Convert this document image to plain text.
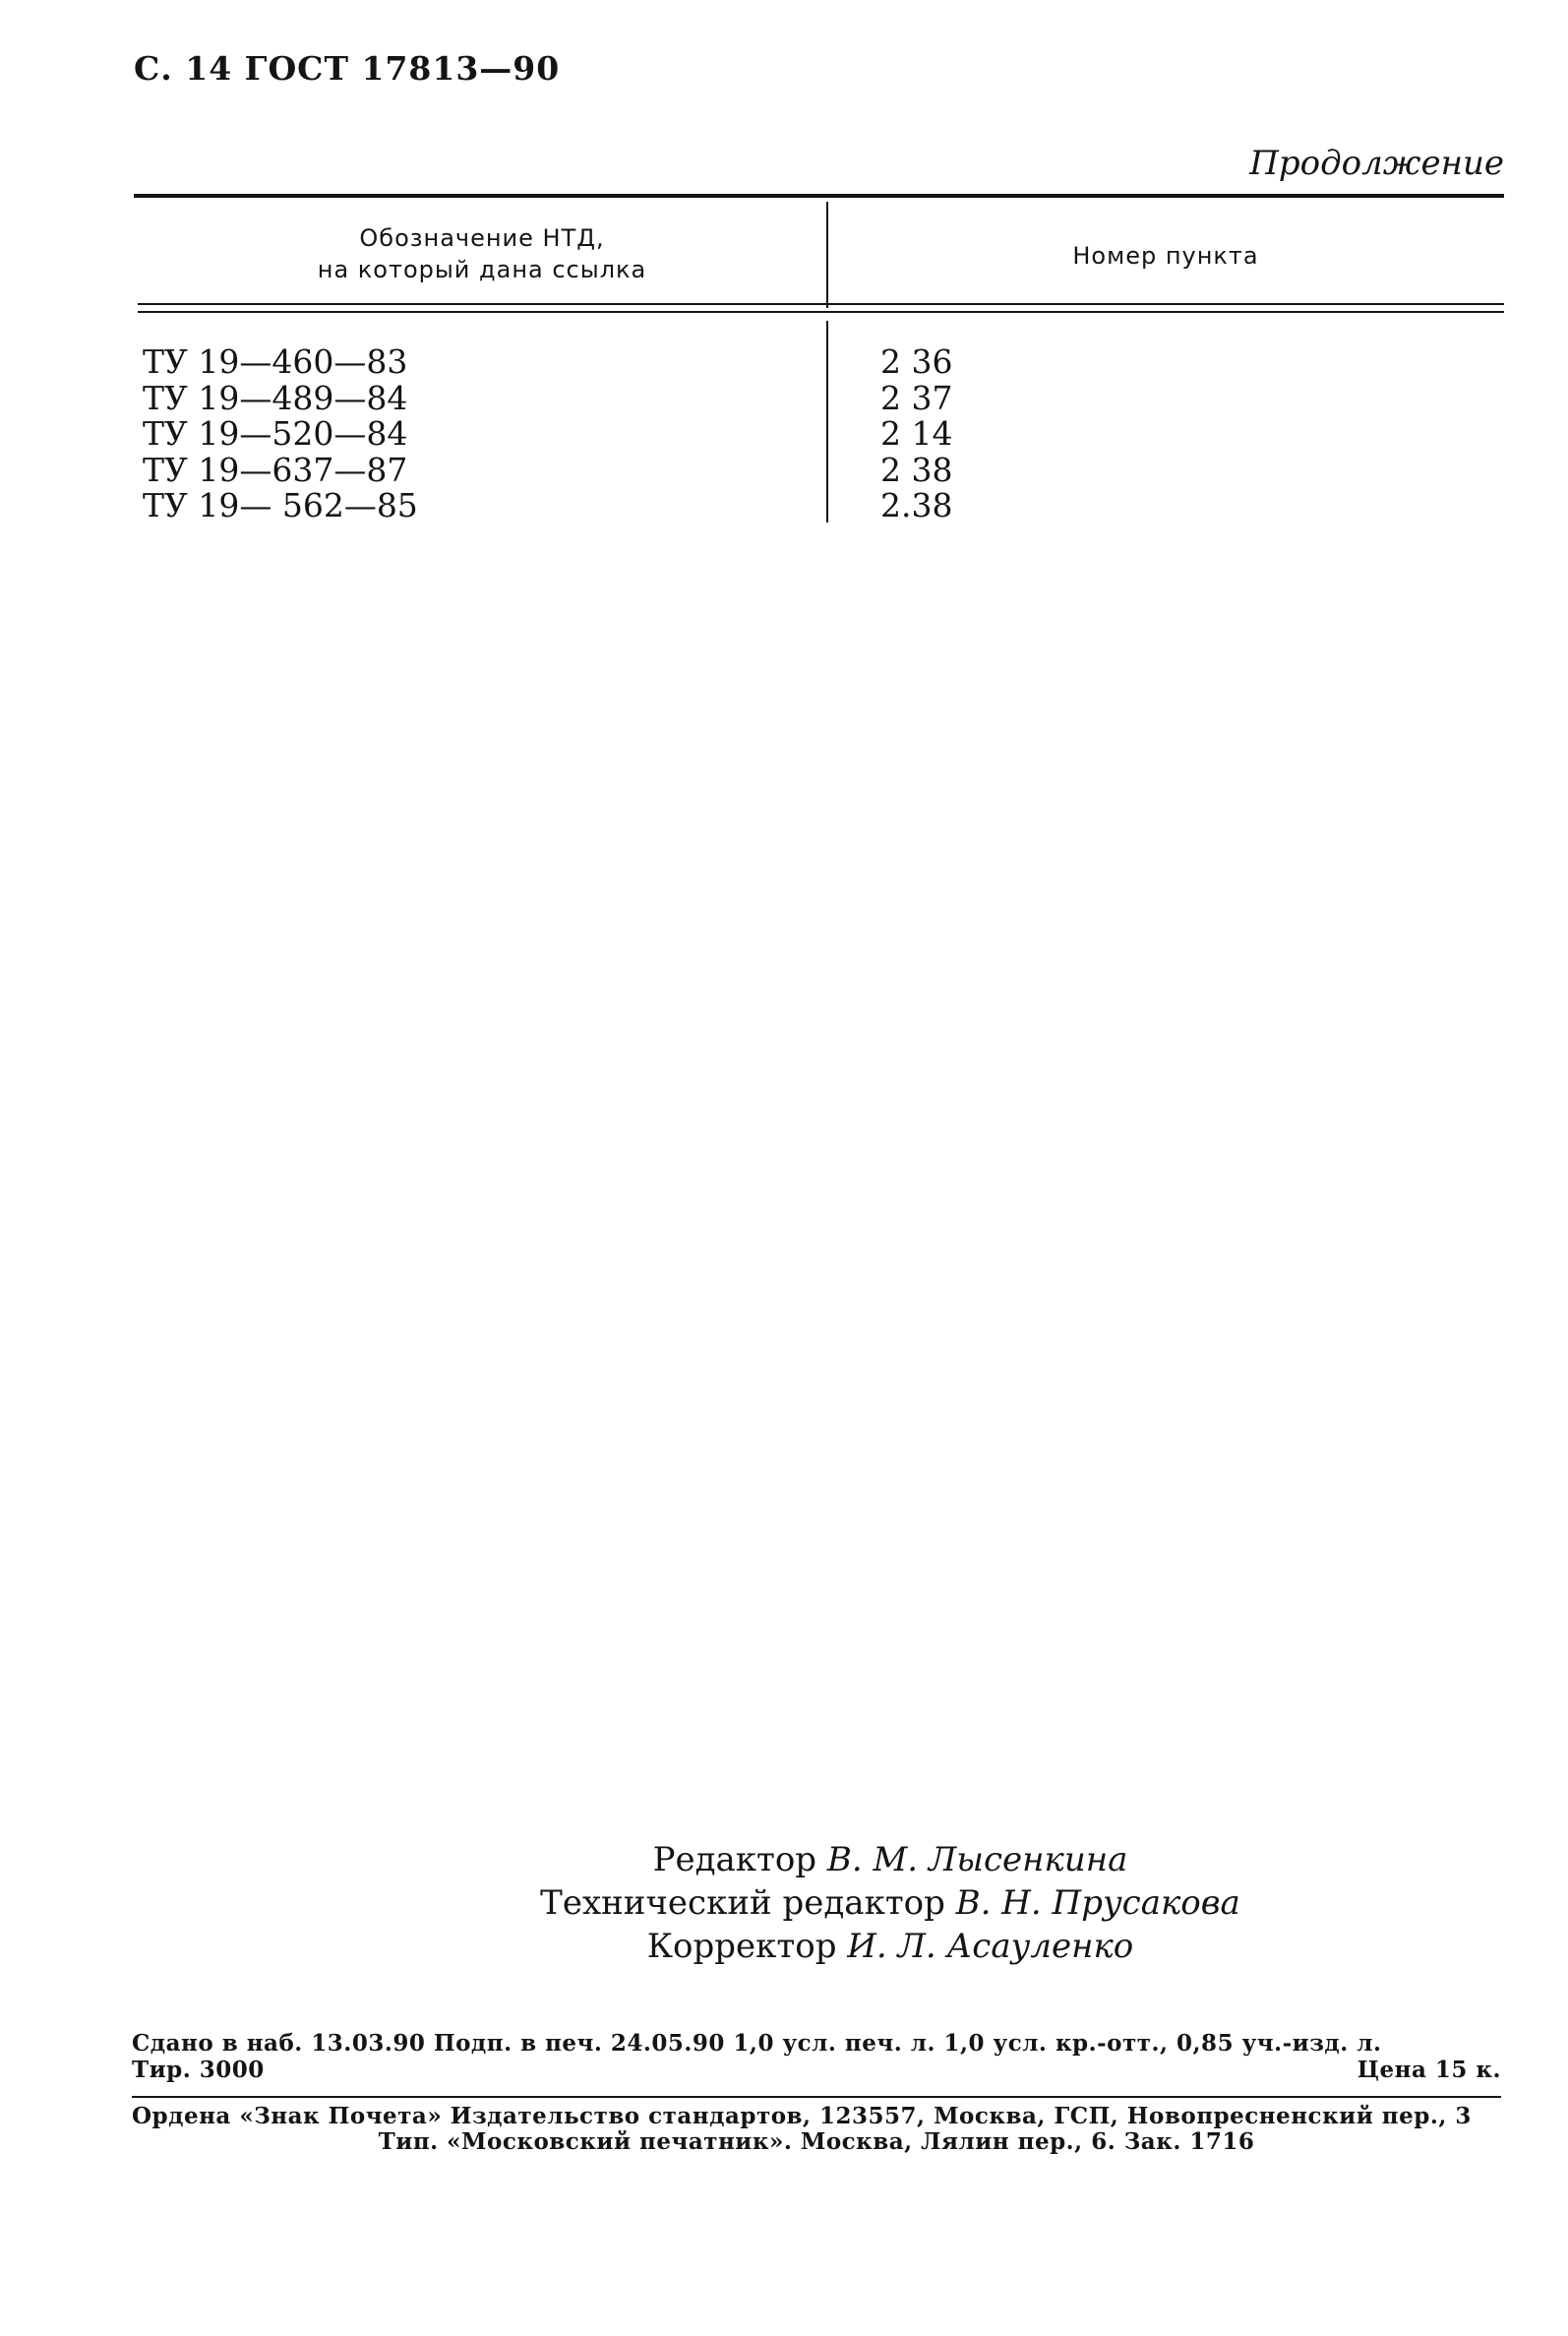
С. 14 ГОСТ 17813—90
Продолжение
Обозначение НТД,
на который дана ссылка	Номер пункта
ТУ 19—460—83
ТУ 19—489—84
ТУ 19—520—84
ТУ 19—637—87
ТУ 19— 562—85
2 36
2 37
2 14
2 38
2.38
Редактор В. М. Лысенкина
Технический редактор В. Н. Прусакова
Корректор И. Л. Асауленко
Сдано в наб. 13.03.90 Подп. в печ. 24.05.90 1,0 усл. печ. л. 1,0 усл. кр.-отт., 0,85 уч.-изд. л.
Тир. 3000	Цена 15 к.
Ордена «Знак Почета» Издательство стандартов, 123557, Москва, ГСП, Новопресненский пер., 3
Тип. «Московский печатник». Москва, Лялин пер., 6. Зак. 1716
